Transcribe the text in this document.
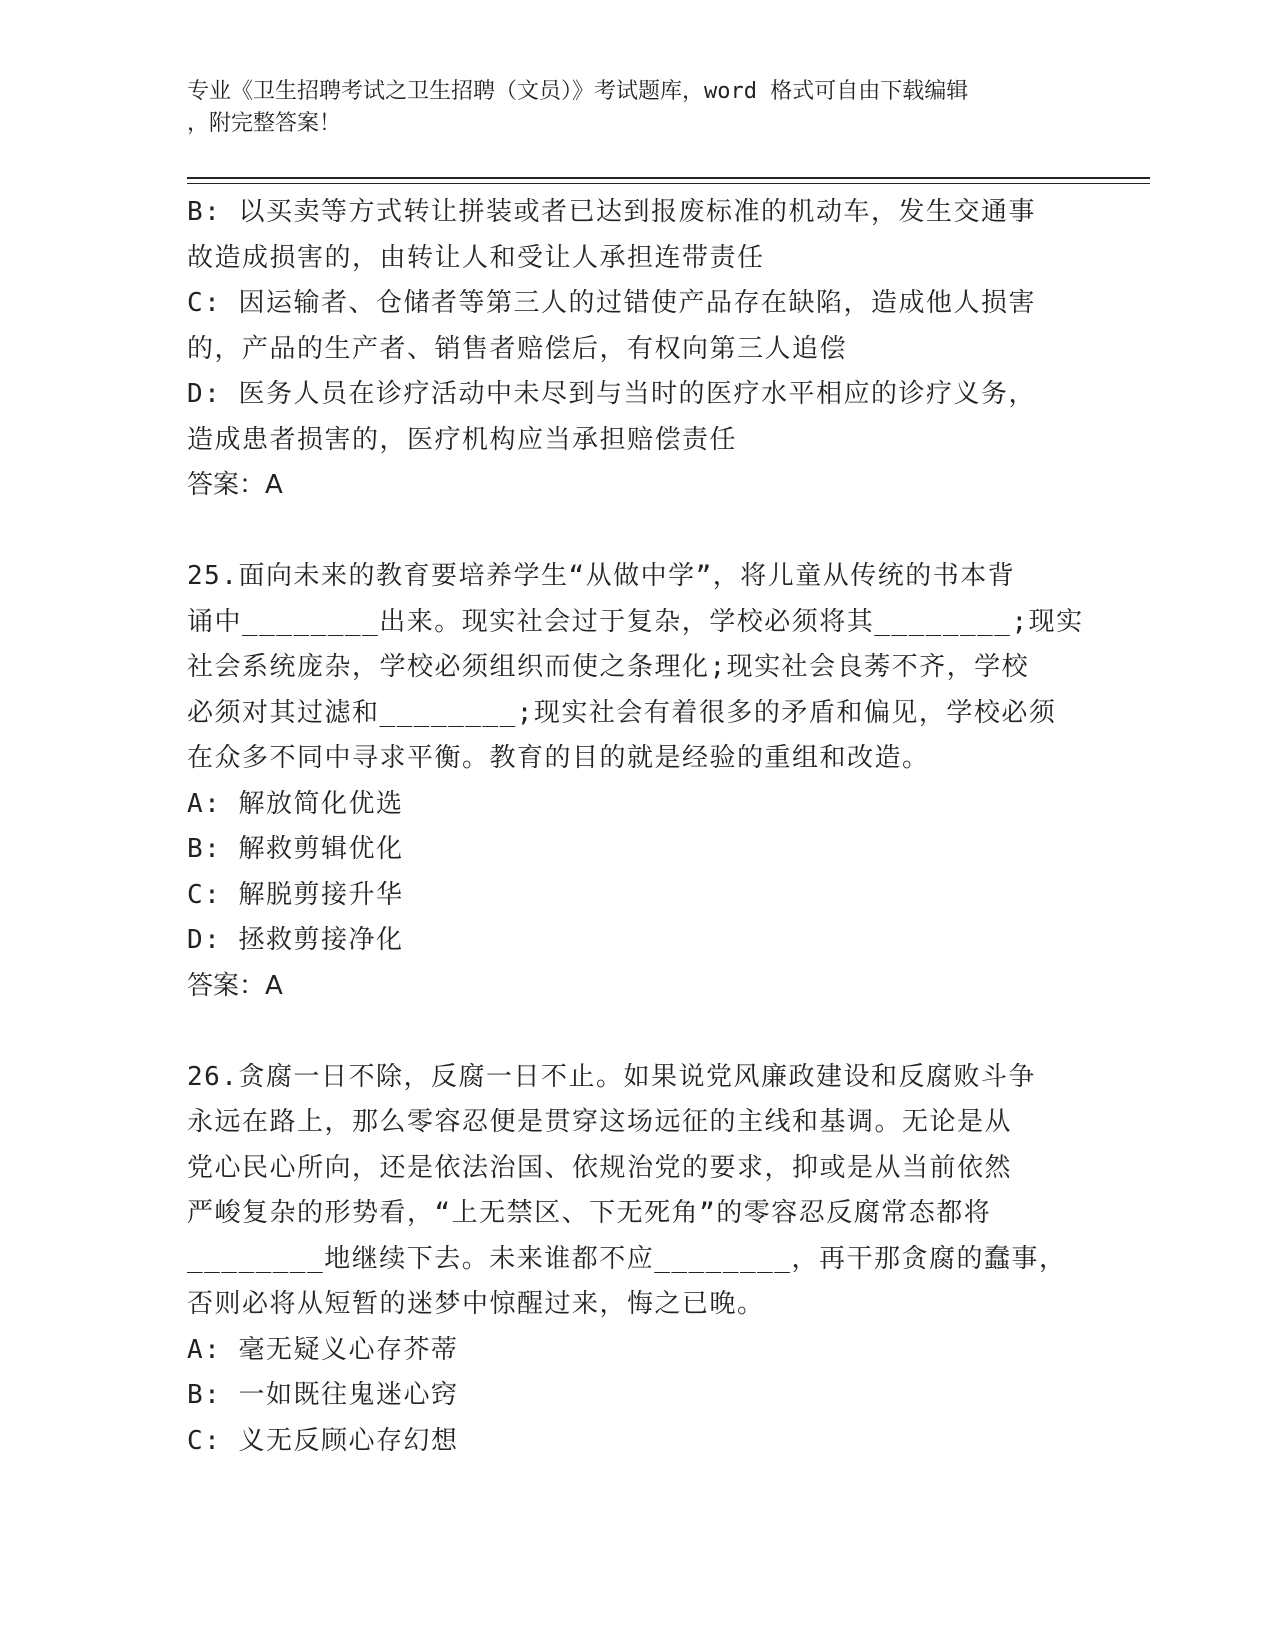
专业《卫生招聘考试之卫生招聘（文员）》考试题库，word 格式可自由下载编辑
，附完整答案！
B: 以买卖等方式转让拼装或者已达到报废标准的机动车，发生交通事
故造成损害的，由转让人和受让人承担连带责任
C: 因运输者、仓储者等第三人的过错使产品存在缺陷，造成他人损害
的，产品的生产者、销售者赔偿后，有权向第三人追偿
D: 医务人员在诊疗活动中未尽到与当时的医疗水平相应的诊疗义务，
造成患者损害的，医疗机构应当承担赔偿责任
答案：A
25.面向未来的教育要培养学生“从做中学”，将儿童从传统的书本背
诵中________出来。现实社会过于复杂，学校必须将其________;现实
社会系统庞杂，学校必须组织而使之条理化;现实社会良莠不齐，学校
必须对其过滤和________;现实社会有着很多的矛盾和偏见，学校必须
在众多不同中寻求平衡。教育的目的就是经验的重组和改造。
A: 解放简化优选
B: 解救剪辑优化
C: 解脱剪接升华
D: 拯救剪接净化
答案：A
26.贪腐一日不除，反腐一日不止。如果说党风廉政建设和反腐败斗争
永远在路上，那么零容忍便是贯穿这场远征的主线和基调。无论是从
党心民心所向，还是依法治国、依规治党的要求，抑或是从当前依然
严峻复杂的形势看，“上无禁区、下无死角”的零容忍反腐常态都将
________地继续下去。未来谁都不应________，再干那贪腐的蠢事，
否则必将从短暂的迷梦中惊醒过来，悔之已晚。
A: 毫无疑义心存芥蒂
B: 一如既往鬼迷心窍
C: 义无反顾心存幻想
